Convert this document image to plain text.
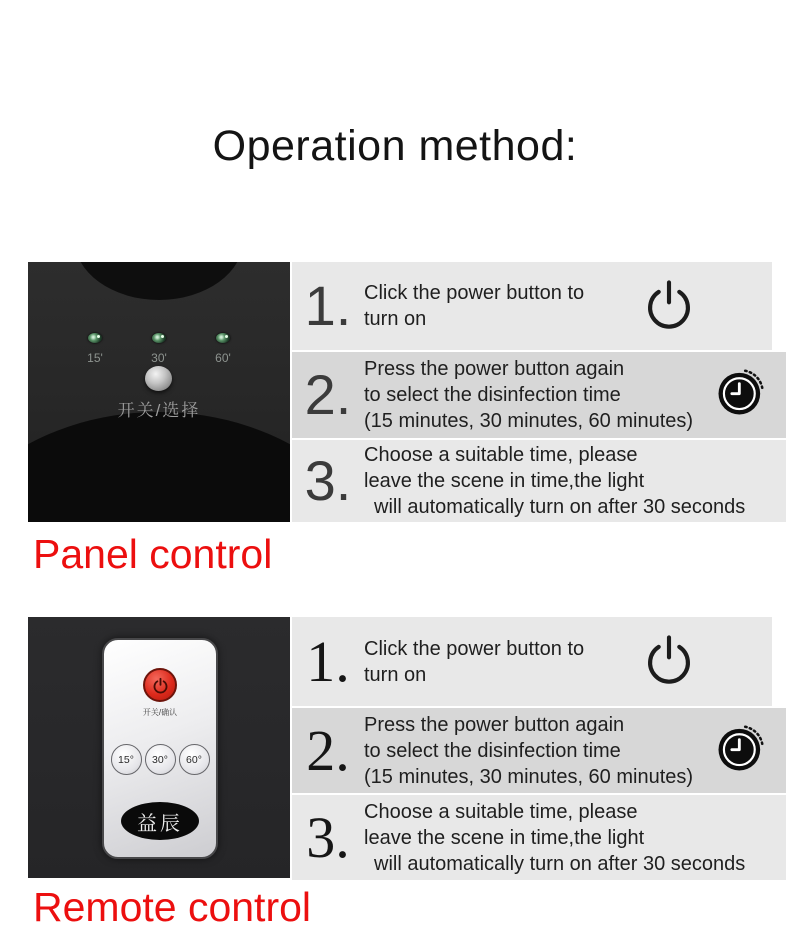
Operation method:
15'	30'	60'
开关/选择
1. Click the power button to
turn on
2. Press the power button again
to select the disinfection time
(15 minutes, 30 minutes, 60 minutes)
3. Choose a suitable time, please
leave the scene in time,the light
will automatically turn on after 30 seconds
Panel control
开关/确认
15°	30°	60°
益辰
1. Click the power button to
turn on
2. Press the power button again
to select the disinfection time
(15 minutes, 30 minutes, 60 minutes)
3. Choose a suitable time, please
leave the scene in time,the light
will automatically turn on after 30 seconds
Remote control
